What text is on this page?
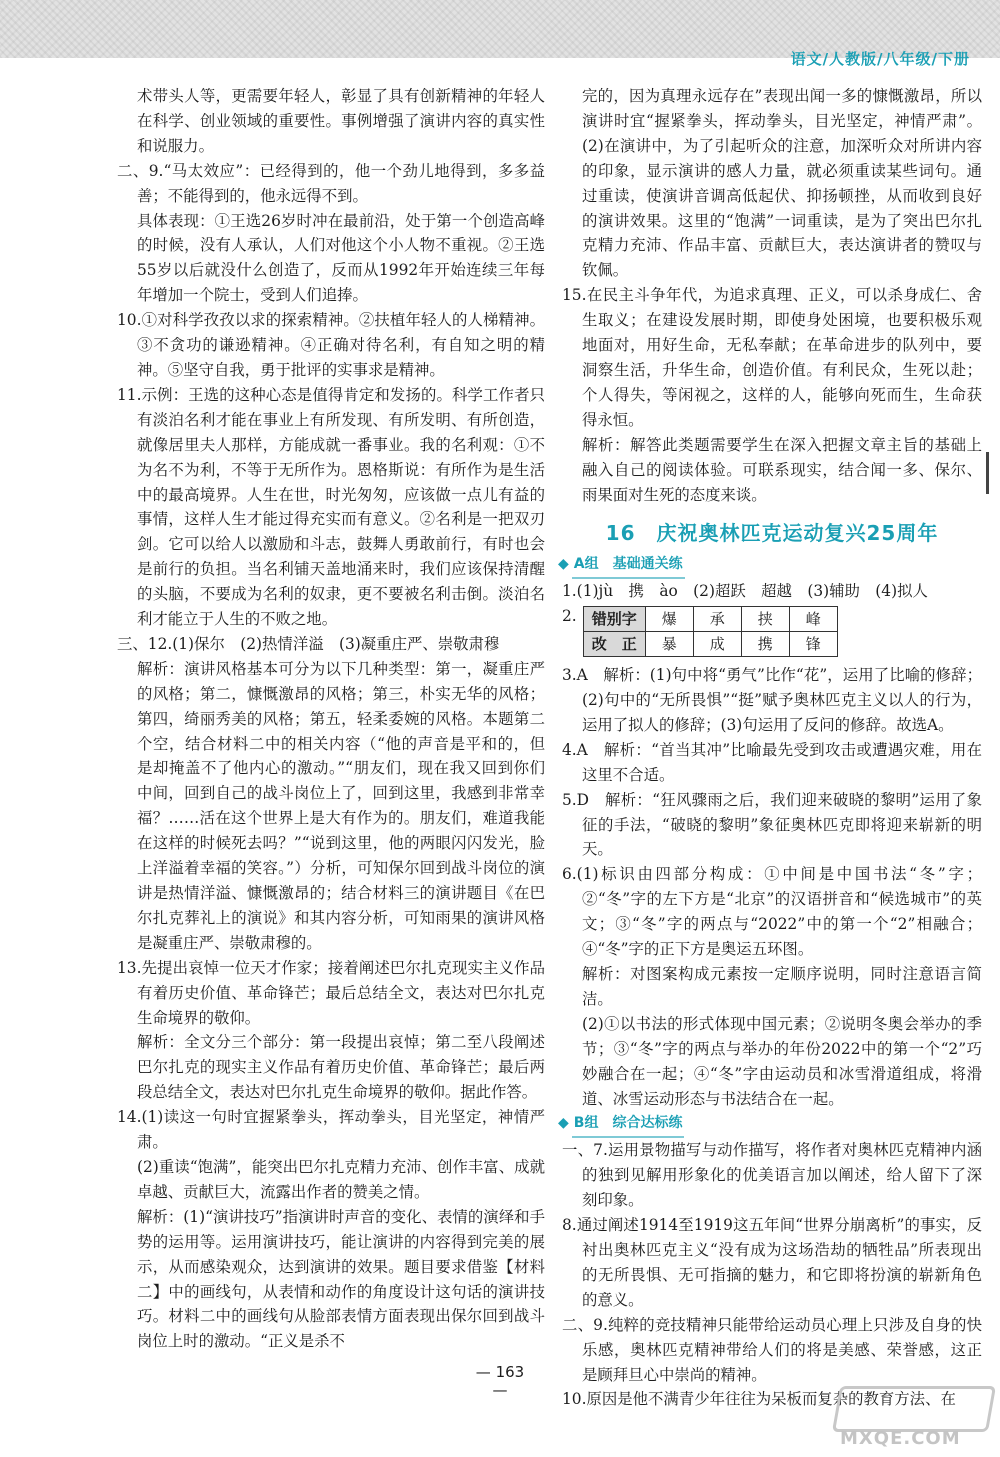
语文/人教版/八年级/下册

术带头人等，更需要年轻人，彰显了具有创新精神的年轻人在科学、创业领域的重要性。事例增强了演讲内容的真实性和说服力。

二、9.“马太效应”：已经得到的，他一个劲儿地得到，多多益善；不能得到的，他永远得不到。

具体表现：①王选26岁时冲在最前沿，处于第一个创造高峰的时候，没有人承认，人们对他这个小人物不重视。②王选55岁以后就没什么创造了，反而从1992年开始连续三年每年增加一个院士，受到人们追捧。

10.①对科学孜孜以求的探索精神。②扶植年轻人的人梯精神。③不贪功的谦逊精神。④正确对待名利，有自知之明的精神。⑤坚守自我，勇于批评的实事求是精神。

11.示例：王选的这种心态是值得肯定和发扬的。科学工作者只有淡泊名利才能在事业上有所发现、有所发明、有所创造，就像居里夫人那样，方能成就一番事业。我的名利观：①不为名不为利，不等于无所作为。恩格斯说：有所作为是生活中的最高境界。人生在世，时光匆匆，应该做一点儿有益的事情，这样人生才能过得充实而有意义。②名利是一把双刃剑。它可以给人以激励和斗志，鼓舞人勇敢前行，有时也会是前行的负担。当名利铺天盖地涌来时，我们应该保持清醒的头脑，不要成为名利的奴隶，更不要被名利击倒。淡泊名利才能立于人生的不败之地。

三、12.(1)保尔　(2)热情洋溢　(3)凝重庄严、崇敬肃穆

解析：演讲风格基本可分为以下几种类型：第一，凝重庄严的风格；第二，慷慨激昂的风格；第三，朴实无华的风格；第四，绮丽秀美的风格；第五，轻柔委婉的风格。本题第二个空，结合材料二中的相关内容（“他的声音是平和的，但是却掩盖不了他内心的激动。”“朋友们，现在我又回到你们中间，回到自己的战斗岗位上了，回到这里，我感到非常幸福？……活在这个世界上是大有作为的。朋友们，难道我能在这样的时候死去吗？”“说到这里，他的两眼闪闪发光，脸上洋溢着幸福的笑容。”）分析，可知保尔回到战斗岗位的演讲是热情洋溢、慷慨激昂的；结合材料三的演讲题目《在巴尔扎克葬礼上的演说》和其内容分析，可知雨果的演讲风格是凝重庄严、崇敬肃穆的。

13.先提出哀悼一位天才作家；接着阐述巴尔扎克现实主义作品有着历史价值、革命锋芒；最后总结全文，表达对巴尔扎克生命境界的敬仰。

解析：全文分三个部分：第一段提出哀悼；第二至八段阐述巴尔扎克的现实主义作品有着历史价值、革命锋芒；最后两段总结全文，表达对巴尔扎克生命境界的敬仰。据此作答。

14.(1)读这一句时宜握紧拳头，挥动拳头，目光坚定，神情严肃。

(2)重读“饱满”，能突出巴尔扎克精力充沛、创作丰富、成就卓越、贡献巨大，流露出作者的赞美之情。

解析：(1)“演讲技巧”指演讲时声音的变化、表情的演绎和手势的运用等。运用演讲技巧，能让演讲的内容得到完美的展示，从而感染观众，达到演讲的效果。题目要求借鉴【材料二】中的画线句，从表情和动作的角度设计这句话的演讲技巧。材料二中的画线句从脸部表情方面表现出保尔回到战斗岗位上时的激动。“正义是杀不

完的，因为真理永远存在”表现出闻一多的慷慨激昂，所以演讲时宜“握紧拳头，挥动拳头，目光坚定，神情严肃”。(2)在演讲中，为了引起听众的注意，加深听众对所讲内容的印象，显示演讲的感人力量，就必须重读某些词句。通过重读，使演讲音调高低起伏、抑扬顿挫，从而收到良好的演讲效果。这里的“饱满”一词重读，是为了突出巴尔扎克精力充沛、作品丰富、贡献巨大，表达演讲者的赞叹与钦佩。

15.在民主斗争年代，为追求真理、正义，可以杀身成仁、舍生取义；在建设发展时期，即使身处困境，也要积极乐观地面对，用好生命，无私奉献；在革命进步的队列中，要洞察生活，升华生命，创造价值。有利民众，生死以赴；个人得失，等闲视之，这样的人，能够向死而生，生命获得永恒。

解析：解答此类题需要学生在深入把握文章主旨的基础上融入自己的阅读体验。可联系现实，结合闻一多、保尔、雨果面对生死的态度来谈。

16　庆祝奥林匹克运动复兴25周年
◆ A组　基础通关练

1.(1)jù　携　ào　(2)超跃　超越　(3)辅助　(4)拟人

2. 错别字	爆	承	挟	峰
改　正	暴	成	携	锋

3.A　解析：(1)句中将“勇气”比作“花”，运用了比喻的修辞；(2)句中的“无所畏惧”“挺”赋予奥林匹克主义以人的行为，运用了拟人的修辞；(3)句运用了反问的修辞。故选A。

4.A　解析：“首当其冲”比喻最先受到攻击或遭遇灾难，用在这里不合适。

5.D　解析：“狂风骤雨之后，我们迎来破晓的黎明”运用了象征的手法，“破晓的黎明”象征奥林匹克即将迎来崭新的明天。

6.(1)标识由四部分构成：①中间是中国书法“冬”字；②“冬”字的左下方是“北京”的汉语拼音和“候选城市”的英文；③“冬”字的两点与“2022”中的第一个“2”相融合；④“冬”字的正下方是奥运五环图。

解析：对图案构成元素按一定顺序说明，同时注意语言简洁。

(2)①以书法的形式体现中国元素；②说明冬奥会举办的季节；③“冬”字的两点与举办的年份2022中的第一个“2”巧妙融合在一起；④“冬”字由运动员和冰雪滑道组成，将滑道、冰雪运动形态与书法结合在一起。

◆ B组　综合达标练

一、7.运用景物描写与动作描写，将作者对奥林匹克精神内涵的独到见解用形象化的优美语言加以阐述，给人留下了深刻印象。

8.通过阐述1914至1919这五年间“世界分崩离析”的事实，反衬出奥林匹克主义“没有成为这场浩劫的牺牲品”所表现出的无所畏惧、无可指摘的魅力，和它即将扮演的崭新角色的意义。

二、9.纯粹的竞技精神只能带给运动员心理上只涉及自身的快乐感，奥林匹克精神带给人们的将是美感、荣誉感，这正是顾拜旦心中崇尚的精神。

10.原因是他不满青少年往往为呆板而复杂的教育方法、在

— 163 —
MXQE.COM
